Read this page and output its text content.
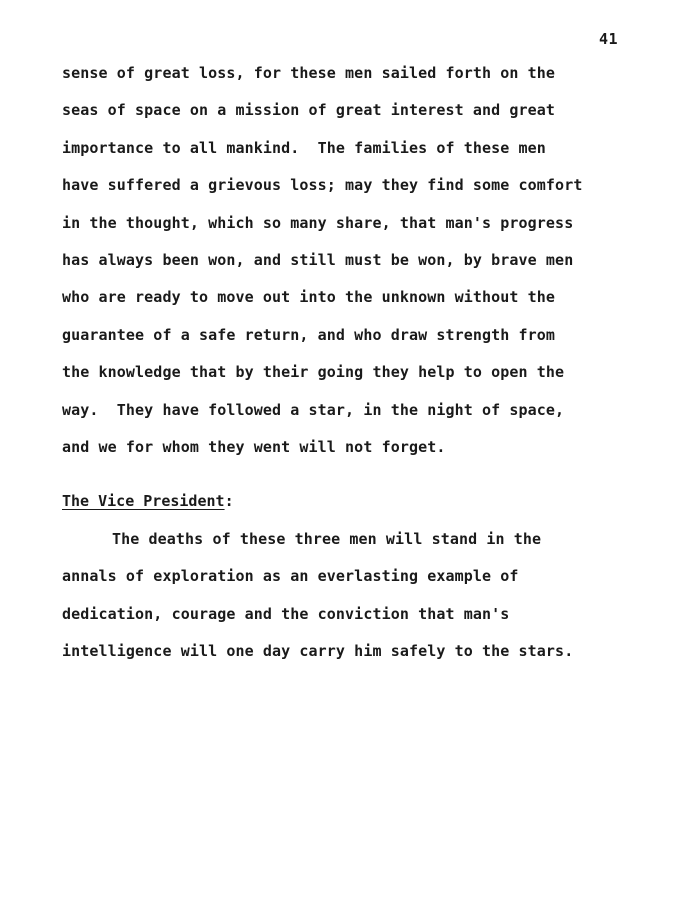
41
sense of great loss, for these men sailed forth on the
seas of space on a mission of great interest and great
importance to all mankind.  The families of these men
have suffered a grievous loss; may they find some comfort
in the thought, which so many share, that man's progress
has always been won, and still must be won, by brave men
who are ready to move out into the unknown without the
guarantee of a safe return, and who draw strength from
the knowledge that by their going they help to open the
way.  They have followed a star, in the night of space,
and we for whom they went will not forget.
The Vice President:
The deaths of these three men will stand in the
annals of exploration as an everlasting example of
dedication, courage and the conviction that man's
intelligence will one day carry him safely to the stars.
